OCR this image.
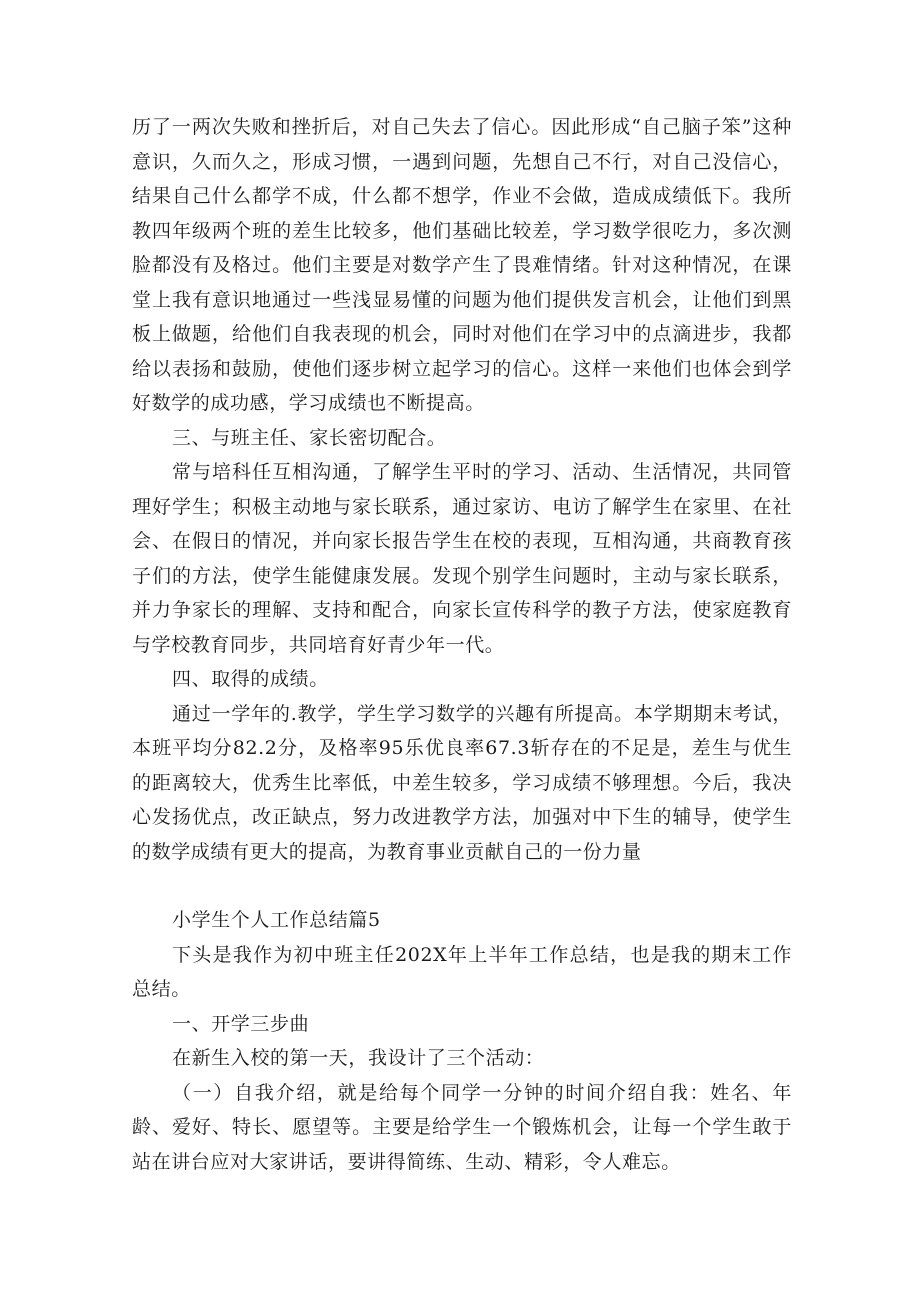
历了一两次失败和挫折后，对自己失去了信心。因此形成“自己脑子笨”这种意识，久而久之，形成习惯，一遇到问题，先想自己不行，对自己没信心，结果自己什么都学不成，什么都不想学，作业不会做，造成成绩低下。我所教四年级两个班的差生比较多，他们基础比较差，学习数学很吃力，多次测脸都没有及格过。他们主要是对数学产生了畏难情绪。针对这种情况，在课堂上我有意识地通过一些浅显易懂的问题为他们提供发言机会，让他们到黑板上做题，给他们自我表现的机会，同时对他们在学习中的点滴进步，我都给以表扬和鼓励，使他们逐步树立起学习的信心。这样一来他们也体会到学好数学的成功感，学习成绩也不断提高。

三、与班主任、家长密切配合。

常与培科任互相沟通，了解学生平时的学习、活动、生活情况，共同管理好学生；积极主动地与家长联系，通过家访、电访了解学生在家里、在社会、在假日的情况，并向家长报告学生在校的表现，互相沟通，共商教育孩子们的方法，使学生能健康发展。发现个别学生问题时，主动与家长联系，并力争家长的理解、支持和配合，向家长宣传科学的教子方法，使家庭教育与学校教育同步，共同培育好青少年一代。

四、取得的成绩。

通过一学年的.教学，学生学习数学的兴趣有所提高。本学期期末考试，本班平均分82.2分，及格率95乐优良率67.3斩存在的不足是，差生与优生的距离较大，优秀生比率低，中差生较多，学习成绩不够理想。今后，我决心发扬优点，改正缺点，努力改进教学方法，加强对中下生的辅导，使学生的数学成绩有更大的提高，为教育事业贡献自己的一份力量

小学生个人工作总结篇5

下头是我作为初中班主任202X年上半年工作总结，也是我的期末工作总结。

一、开学三步曲

在新生入校的第一天，我设计了三个活动：

（一）自我介绍，就是给每个同学一分钟的时间介绍自我：姓名、年龄、爱好、特长、愿望等。主要是给学生一个锻炼机会，让每一个学生敢于站在讲台应对大家讲话，要讲得简练、生动、精彩，令人难忘。
